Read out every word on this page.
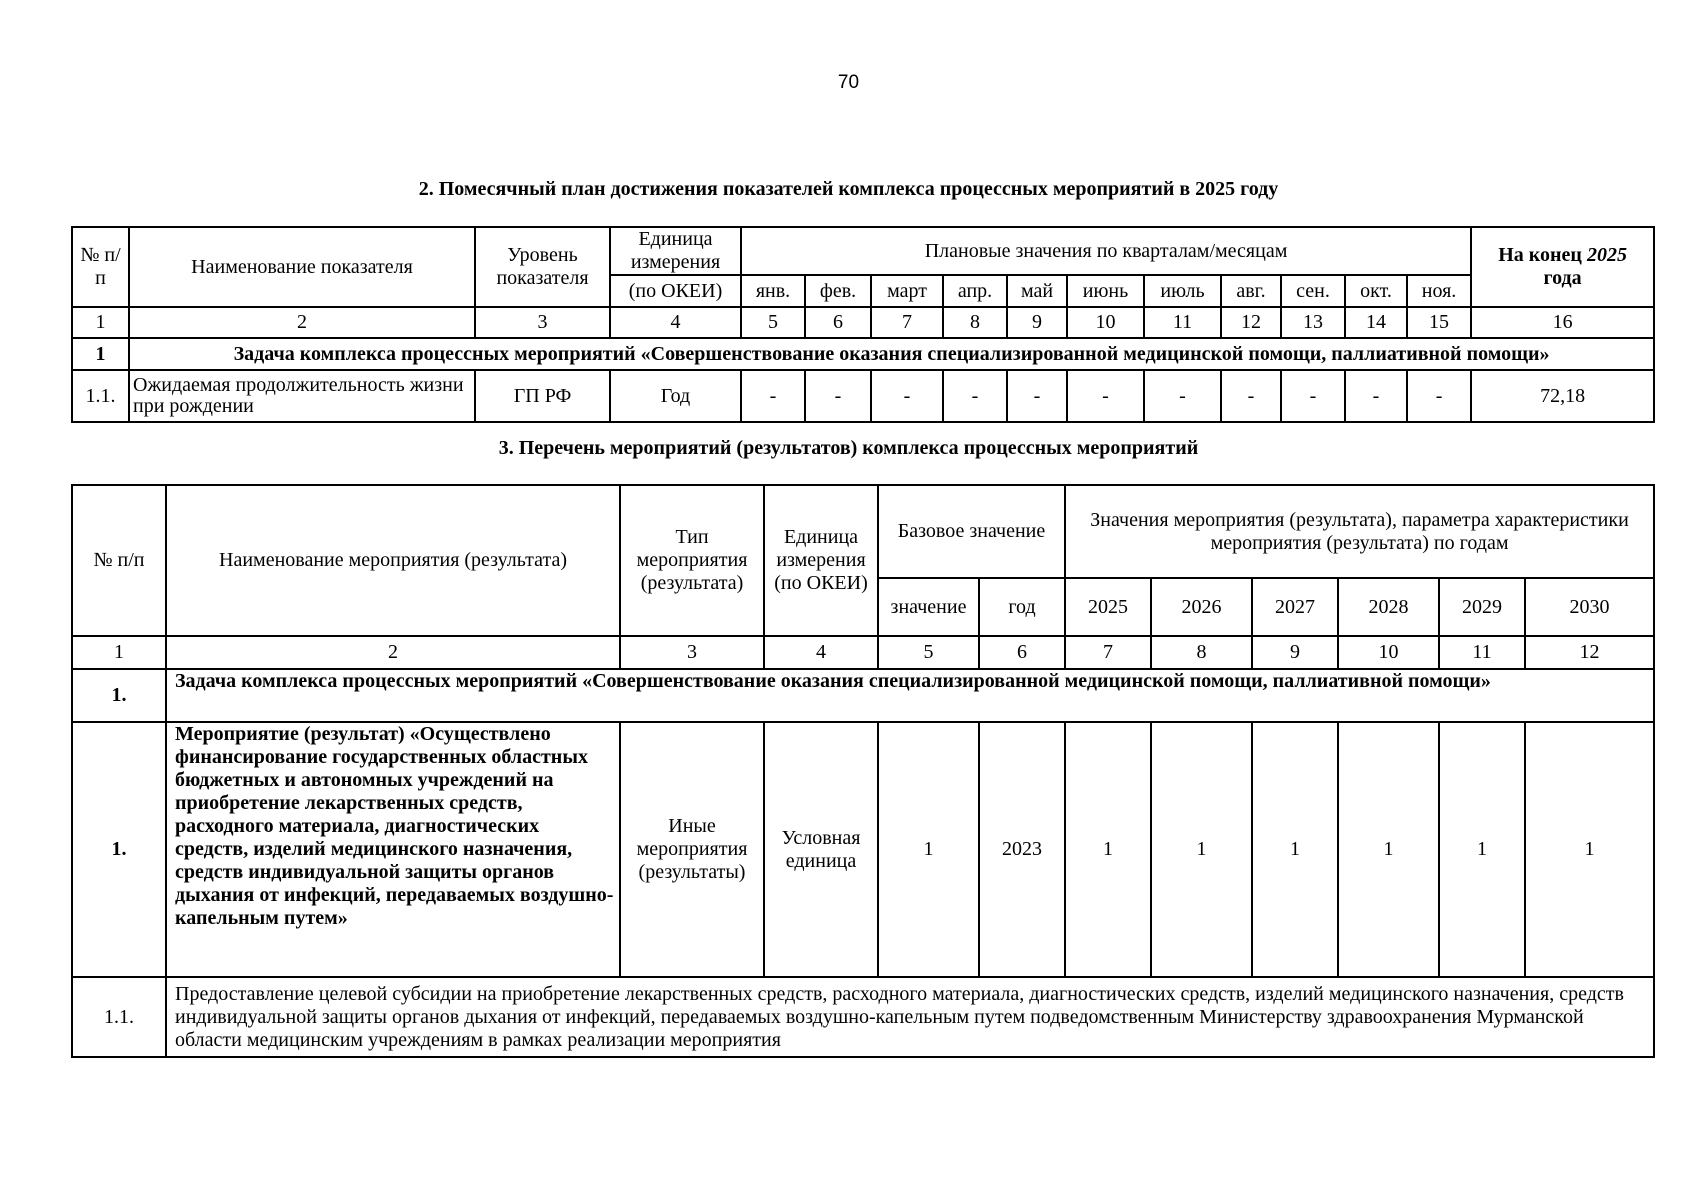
70
2. Помесячный план достижения показателей комплекса процессных мероприятий в 2025 году
№ п/п	Наименование показателя	Уровень показателя	Единица измерения	Плановые значения по кварталам/месяцам											На конец 2025
года
			(по ОКЕИ)	янв.	фев.	март	апр.	май	июнь	июль	авг.	сен.	окт.	ноя.	
1	2	3	4	5	6	7	8	9	10	11	12	13	14	15	16
1	Задача комплекса процессных мероприятий «Совершенствование оказания специализированной медицинской помощи, паллиативной помощи»														
1.1.	Ожидаемая продолжительность жизни при рождении	ГП РФ	Год	-	-	-	-	-	-	-	-	-	-	-	72,18
3. Перечень мероприятий (результатов) комплекса процессных мероприятий
№ п/п	Наименование мероприятия (результата)	Тип мероприятия (результата)	Единица измерения (по ОКЕИ)	Базовое значение		Значения мероприятия (результата), параметра характеристики мероприятия (результата) по годам					
				значение	год	2025	2026	2027	2028	2029	2030
1	2	3	4	5	6	7	8	9	10	11	12
1.	Задача комплекса процессных мероприятий «Совершенствование оказания специализированной медицинской помощи, паллиативной помощи»										
1.	Мероприятие (результат) «Осуществлено финансирование государственных областных бюджетных и автономных учреждений на приобретение лекарственных средств, расходного материала, диагностических средств, изделий медицинского назначения, средств индивидуальной защиты органов дыхания от инфекций, передаваемых воздушно-капельным путем»	Иные мероприятия (результаты)	Условная единица	1	2023	1	1	1	1	1	1
1.1.	Предоставление целевой субсидии на приобретение лекарственных средств, расходного материала, диагностических средств, изделий медицинского назначения, средств индивидуальной защиты органов дыхания от инфекций, передаваемых воздушно-капельным путем подведомственным Министерству здравоохранения Мурманской области медицинским учреждениям в рамках реализации мероприятия										
